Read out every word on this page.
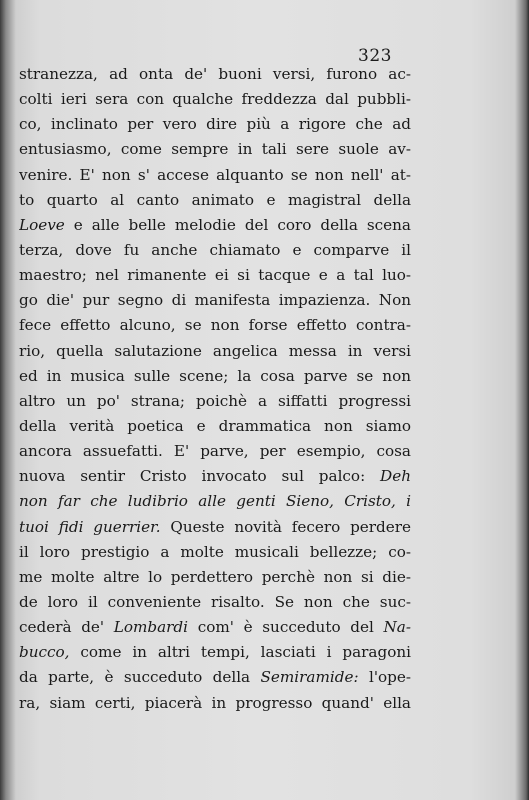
323
stranezza, ad onta de' buoni versi, furono ac-
colti ieri sera con qualche freddezza dal pubbli-
co, inclinato per vero dire più a rigore che ad
entusiasmo, come sempre in tali sere suole av-
venire. E' non s' accese alquanto se non nell' at-
to quarto al canto animato e magistral della
Loeve e alle belle melodie del coro della scena
terza, dove fu anche chiamato e comparve il
maestro; nel rimanente ei si tacque e a tal luo-
go die' pur segno di manifesta impazienza. Non
fece effetto alcuno, se non forse effetto contra-
rio, quella salutazione angelica messa in versi
ed in musica sulle scene; la cosa parve se non
altro un po' strana; poichè a siffatti progressi
della verità poetica e drammatica non siamo
ancora assuefatti. E' parve, per esempio, cosa
nuova sentir Cristo invocato sul palco: Deh
non far che ludibrio alle genti Sieno, Cristo, i
tuoi fidi guerrier. Queste novità fecero perdere
il loro prestigio a molte musicali bellezze; co-
me molte altre lo perdettero perchè non si die-
de loro il conveniente risalto. Se non che suc-
cederà de' Lombardi com' è succeduto del Na-
bucco, come in altri tempi, lasciati i paragoni
da parte, è succeduto della Semiramide: l'ope-
ra, siam certi, piacerà in progresso quand' ella
